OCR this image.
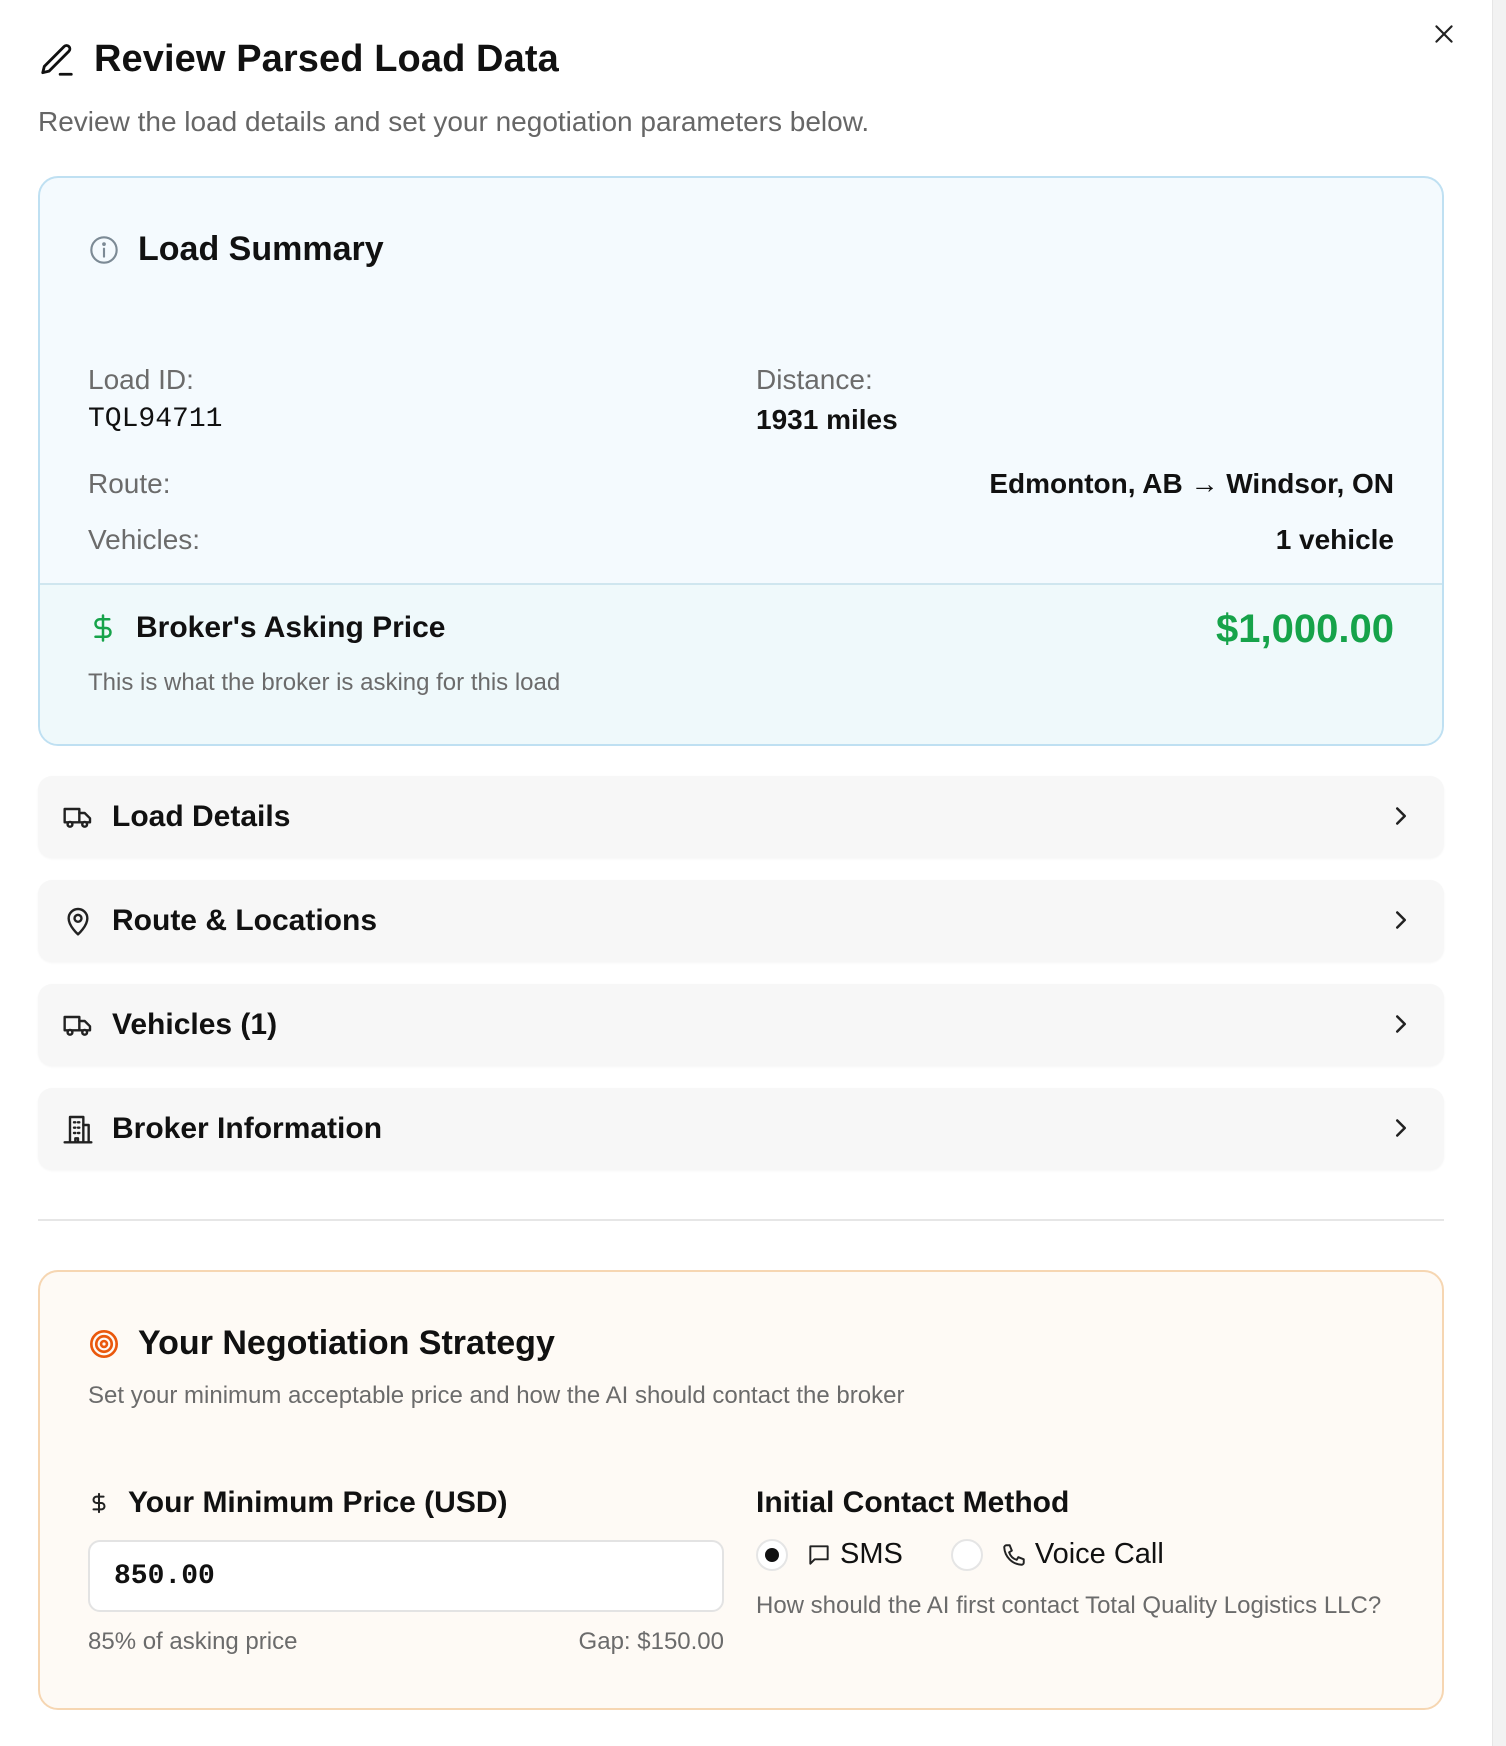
Review Parsed Load Data
Review the load details and set your negotiation parameters below.
Load Summary
Load ID:
TQL94711
Distance:
1931 miles
Route:	Edmonton, AB → Windsor, ON
Vehicles:	1 vehicle
Broker's Asking Price
This is what the broker is asking for this load
$1,000.00
Load Details
Route & Locations
Vehicles (1)
Broker Information
Your Negotiation Strategy
Set your minimum acceptable price and how the AI should contact the broker
Your Minimum Price (USD)
850.00
85% of asking price	Gap: $150.00
Initial Contact Method
SMS	Voice Call
How should the AI first contact Total Quality Logistics LLC?
